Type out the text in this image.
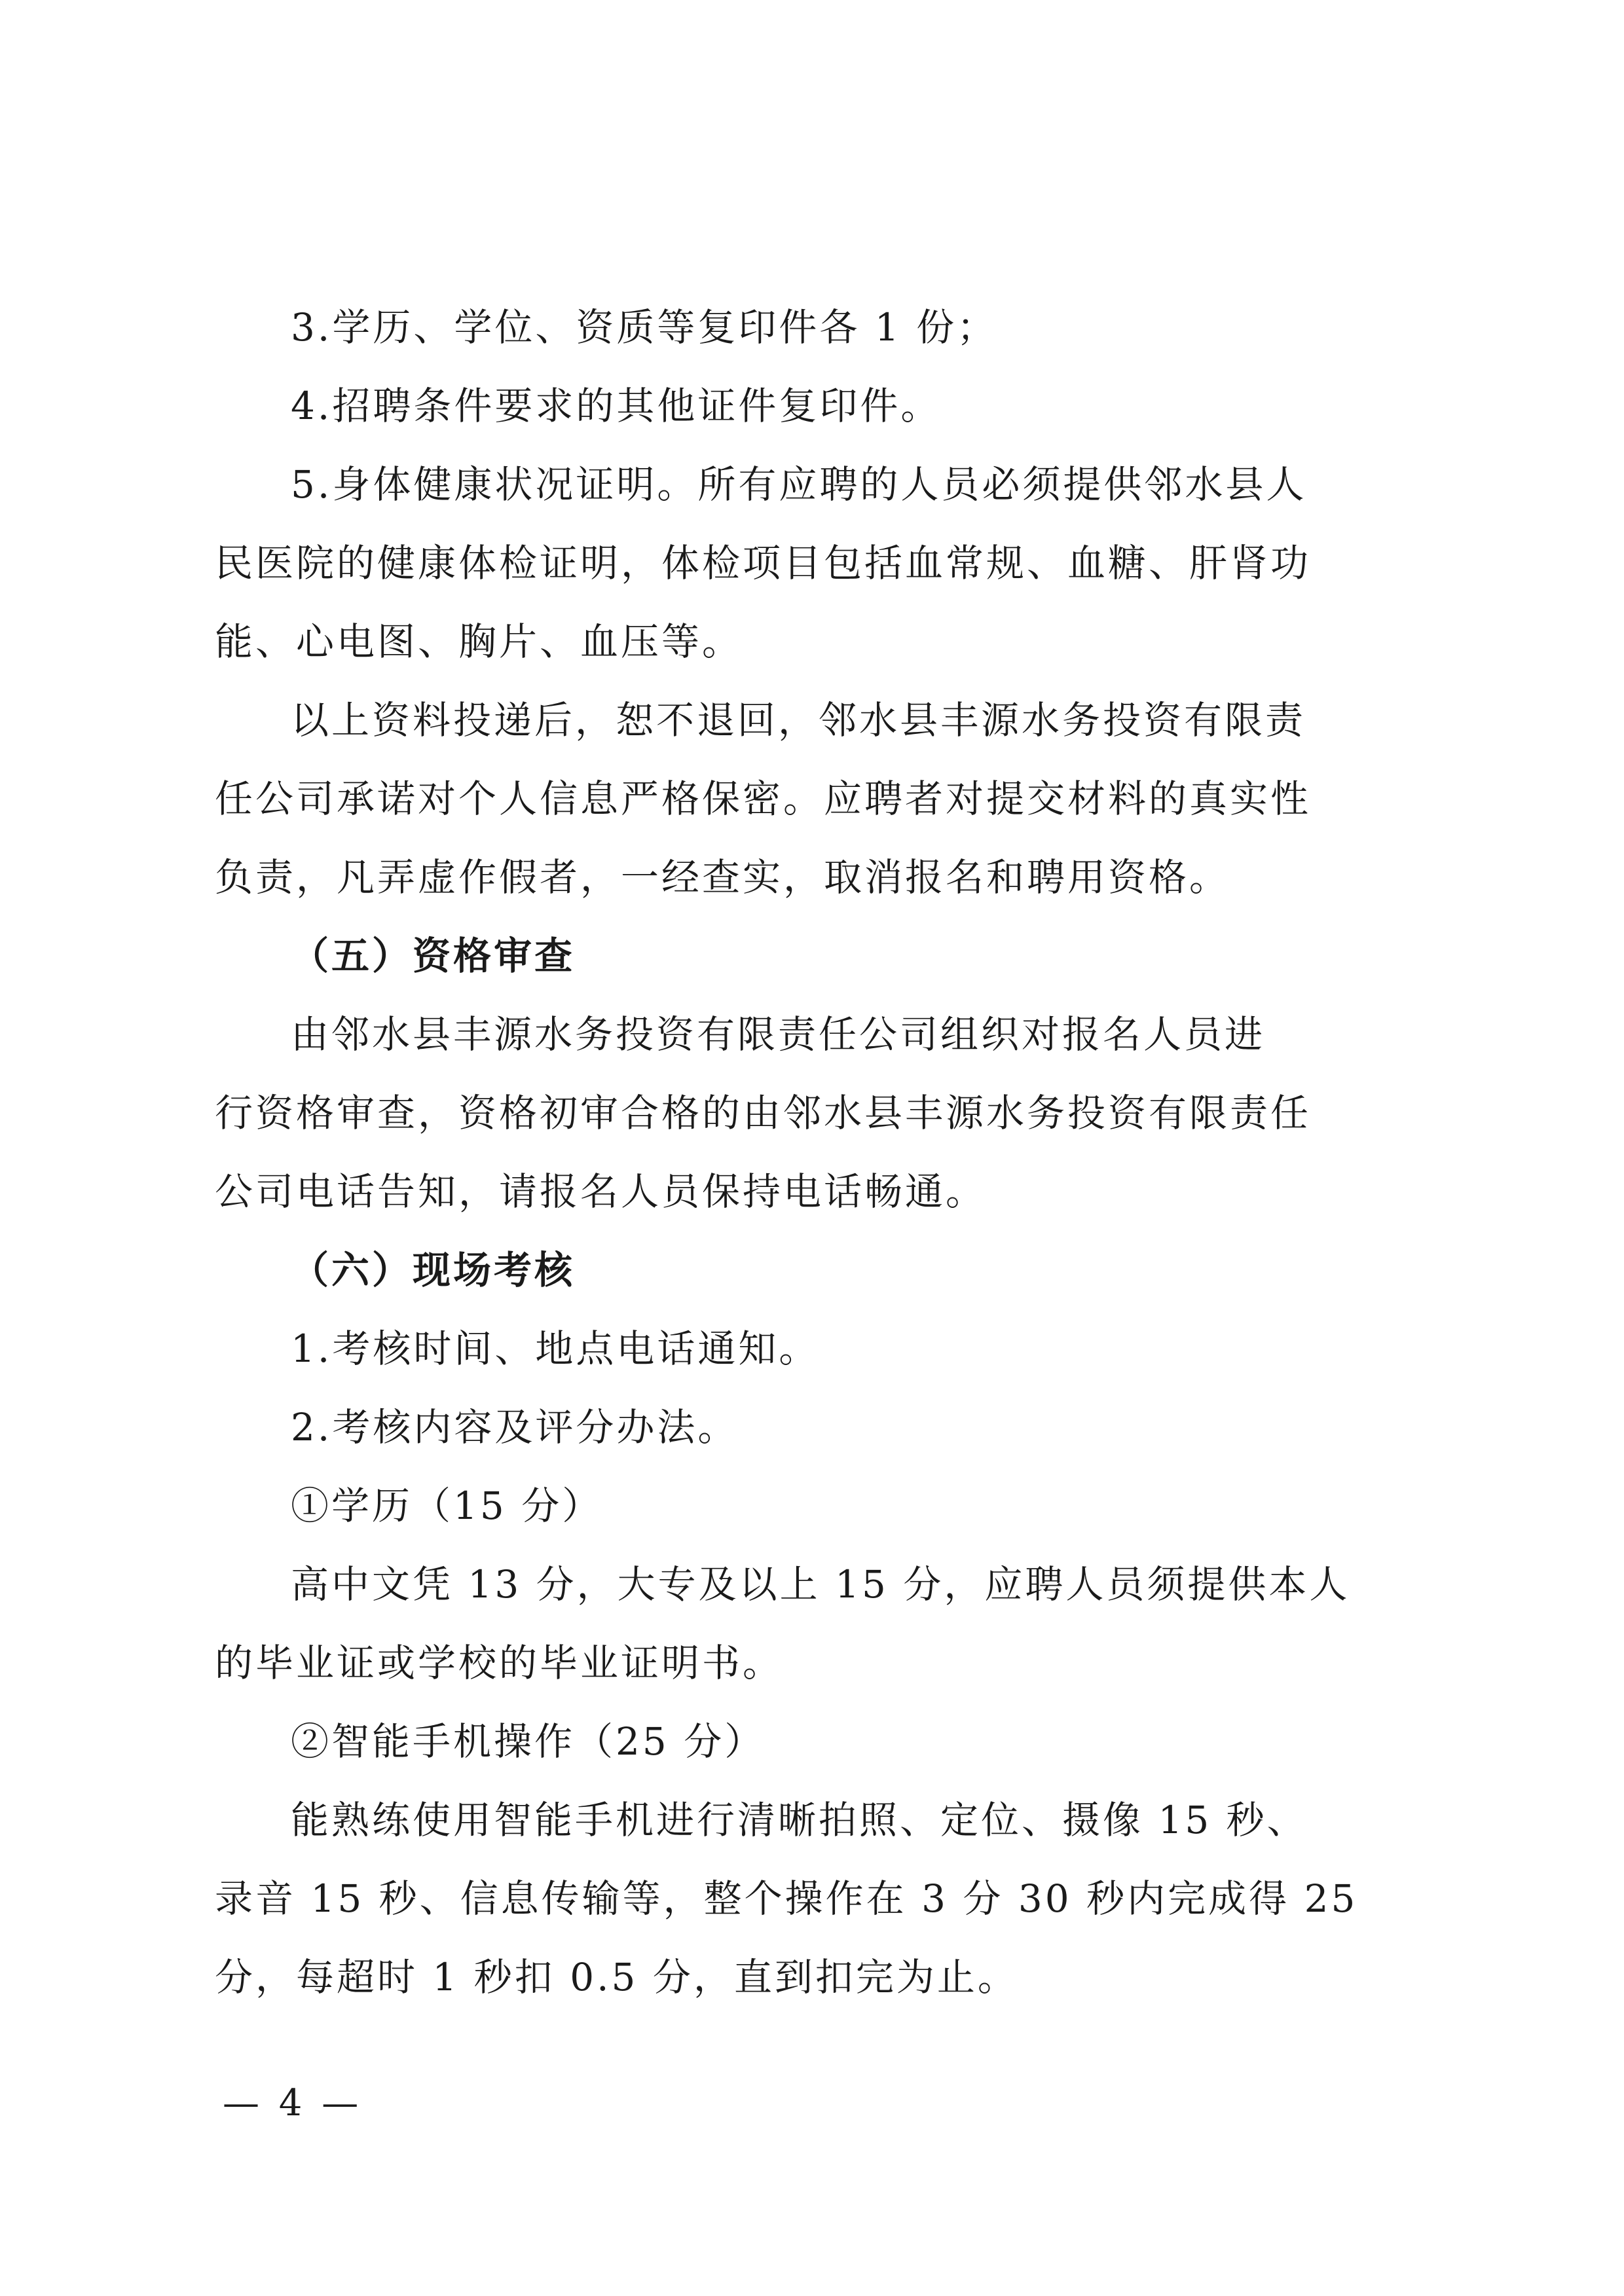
3.学历、学位、资质等复印件各 1 份；

4.招聘条件要求的其他证件复印件。

5.身体健康状况证明。所有应聘的人员必须提供邻水县人
民医院的健康体检证明，体检项目包括血常规、血糖、肝肾功
能、心电图、胸片、血压等。

以上资料投递后，恕不退回，邻水县丰源水务投资有限责
任公司承诺对个人信息严格保密。应聘者对提交材料的真实性
负责，凡弄虚作假者，一经查实，取消报名和聘用资格。

（五）资格审查

由邻水县丰源水务投资有限责任公司组织对报名人员进
行资格审查，资格初审合格的由邻水县丰源水务投资有限责任
公司电话告知，请报名人员保持电话畅通。

（六）现场考核

1.考核时间、地点电话通知。

2.考核内容及评分办法。

①学历（15 分）

高中文凭 13 分，大专及以上 15 分，应聘人员须提供本人
的毕业证或学校的毕业证明书。

②智能手机操作（25 分）

能熟练使用智能手机进行清晰拍照、定位、摄像 15 秒、
录音 15 秒、信息传输等，整个操作在 3 分 30 秒内完成得 25
分，每超时 1 秒扣 0.5 分，直到扣完为止。

— 4 —
